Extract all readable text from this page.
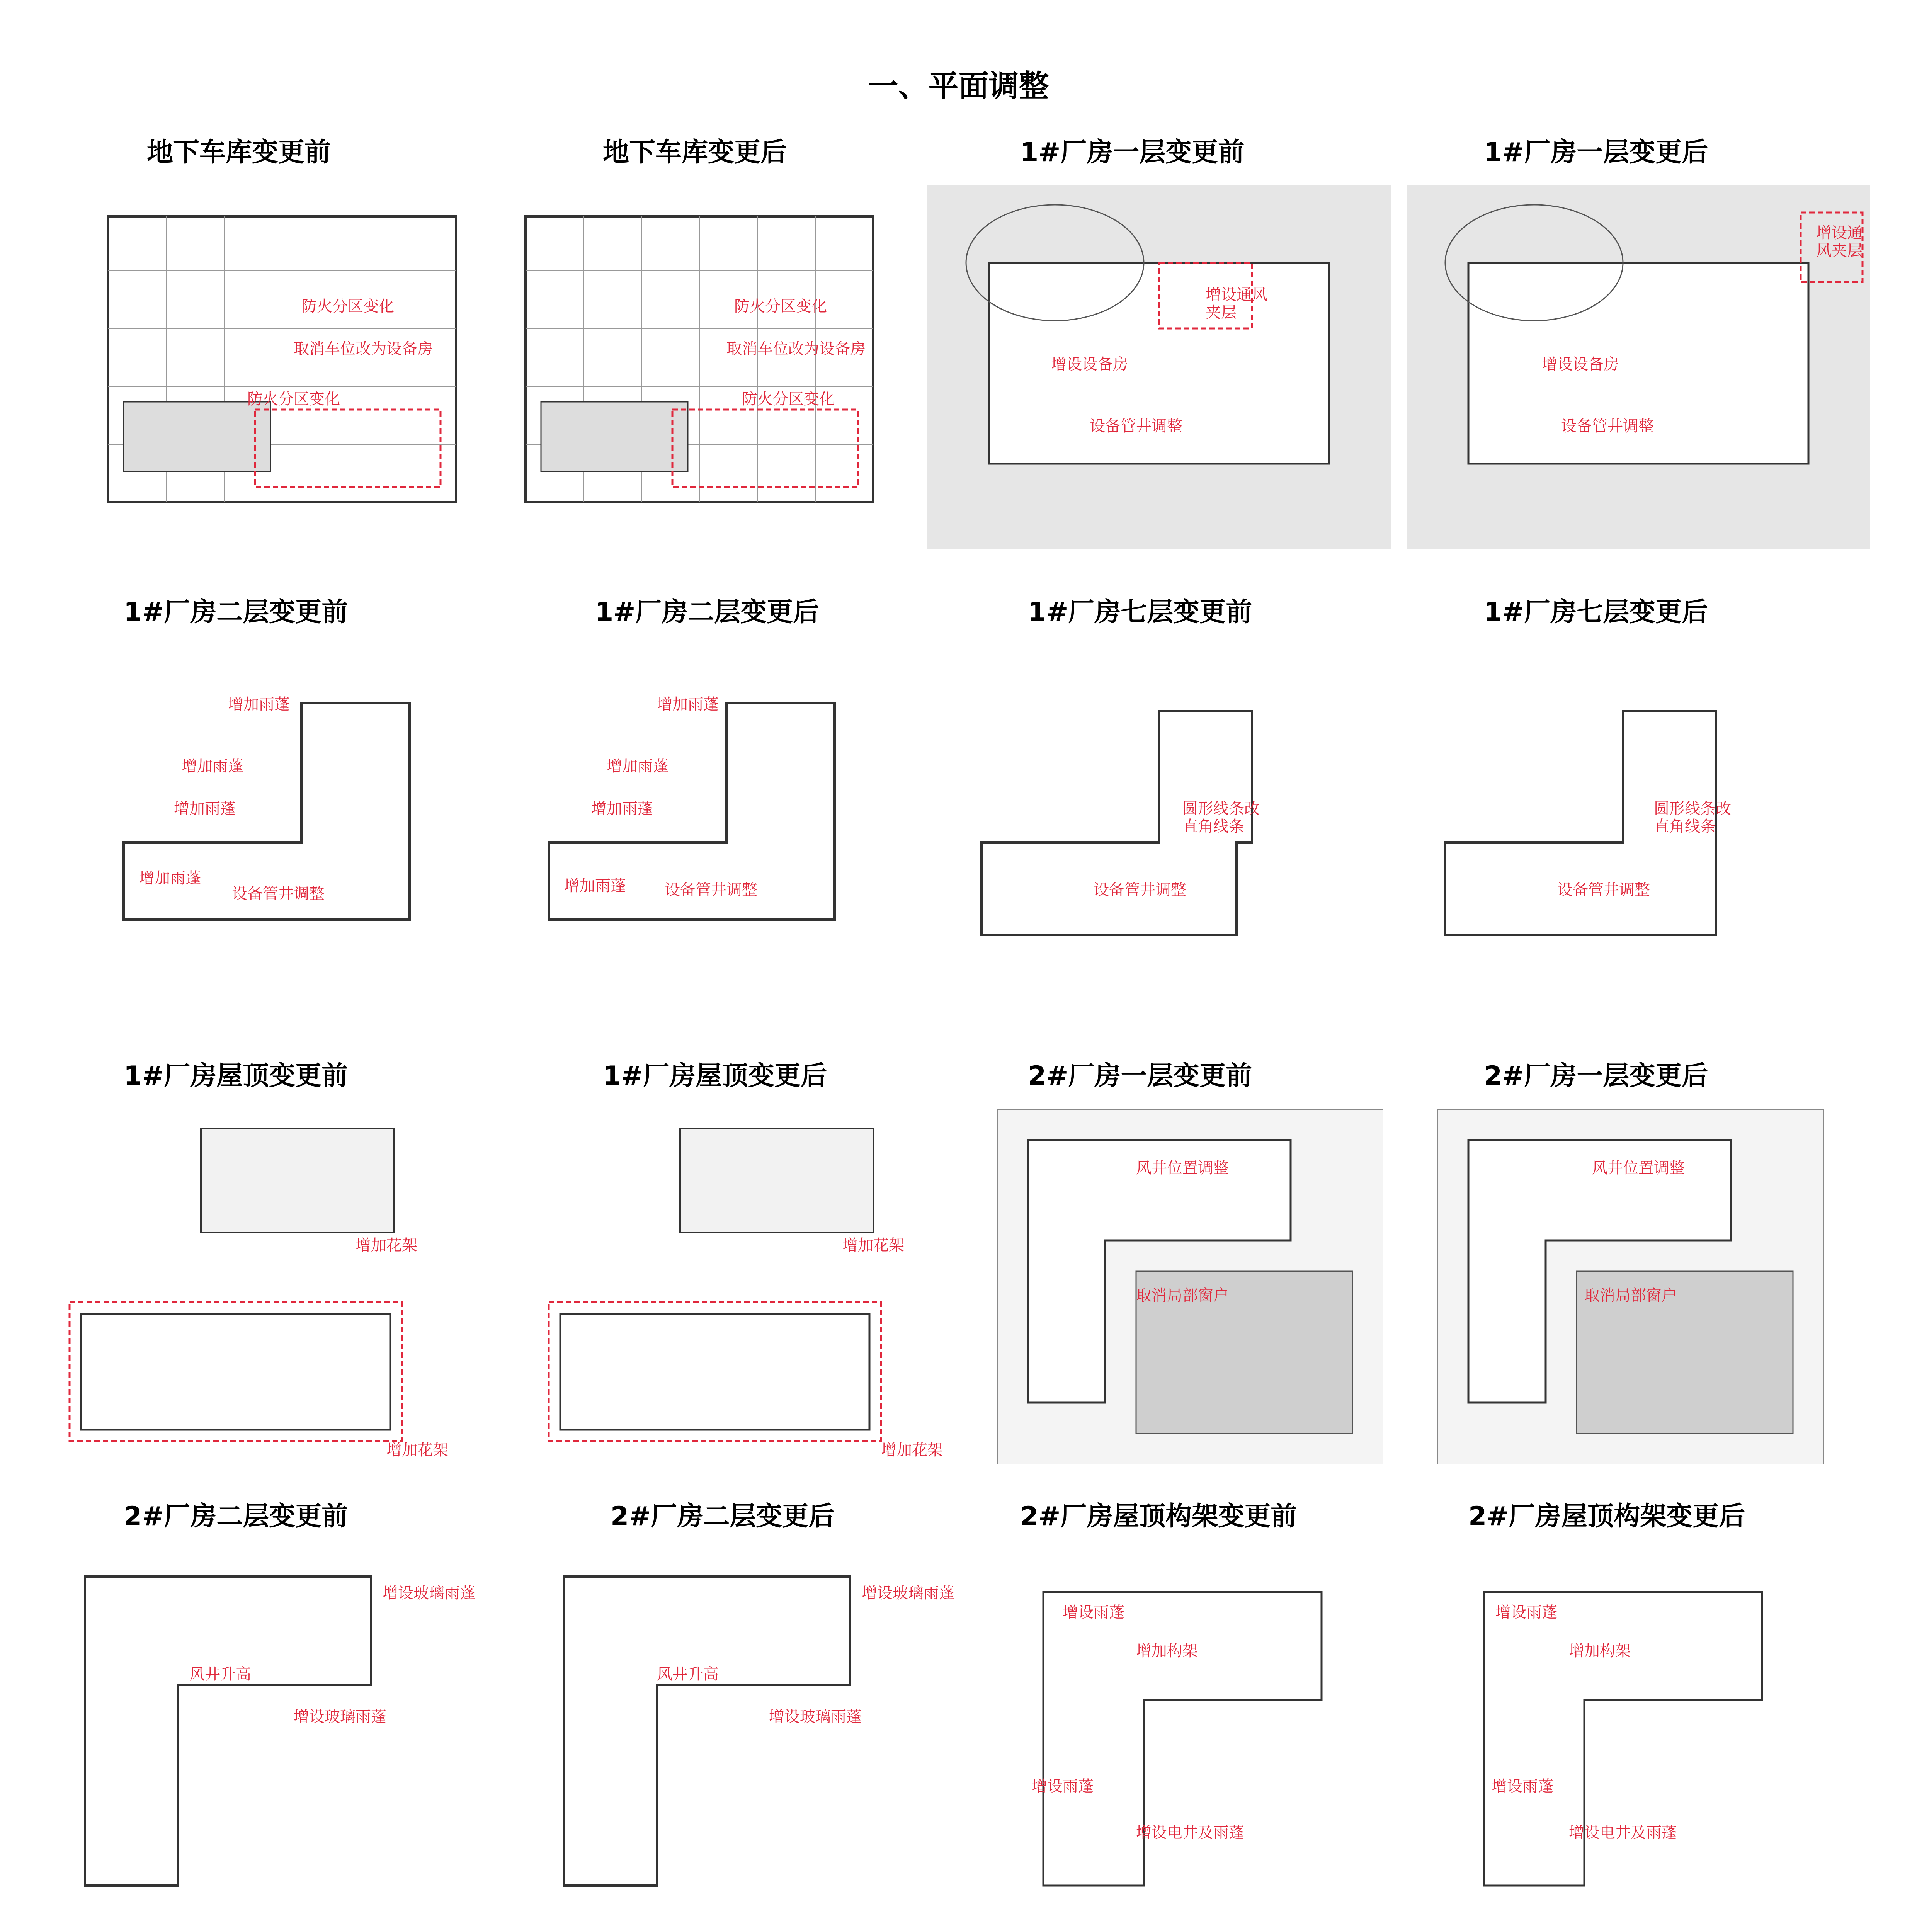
一、平面调整
地下车库变更前	地下车库变更后	1#厂房一层变更前	1#厂房一层变更后
防火分区变化
取消车位改为设备房
防火分区变化
防火分区变化
取消车位改为设备房
防火分区变化
增设设备房
设备管井调整
增设通风夹层
增设设备房
设备管井调整
增设通风夹层
1#厂房二层变更前	1#厂房二层变更后	1#厂房七层变更前	1#厂房七层变更后
增加雨蓬
增加雨蓬
增加雨蓬
增加雨蓬
设备管井调整
增加雨蓬
增加雨蓬
增加雨蓬
增加雨蓬	设备管井调整
圆形线条改直角线条
设备管井调整
圆形线条改直角线条
设备管井调整
1#厂房屋顶变更前	1#厂房屋顶变更后	2#厂房一层变更前	2#厂房一层变更后
增加花架
增加花架
增加花架
增加花架
风井位置调整
取消局部窗户
风井位置调整
取消局部窗户
2#厂房二层变更前	2#厂房二层变更后	2#厂房屋顶构架变更前	2#厂房屋顶构架变更后
增设玻璃雨蓬
风井升高
增设玻璃雨蓬
增设玻璃雨蓬
风井升高
增设玻璃雨蓬
增设雨蓬
增加构架
增设雨蓬
增设电井及雨蓬
增设雨蓬
增加构架
增设雨蓬
增设电井及雨蓬
